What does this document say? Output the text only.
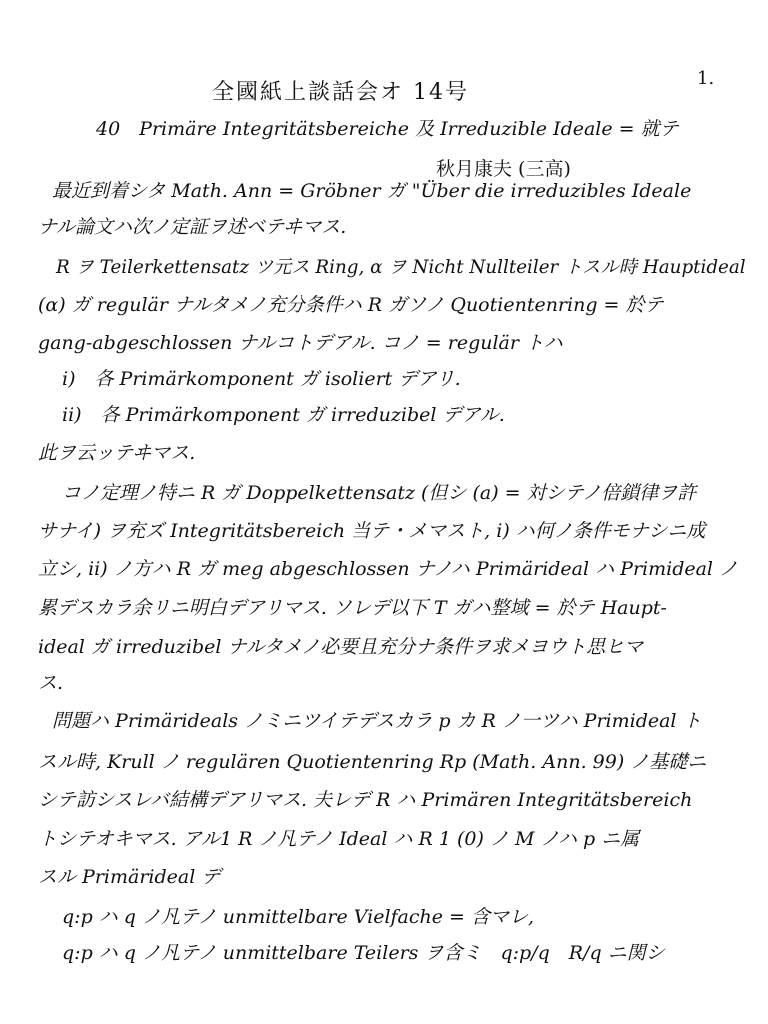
1.
全國紙上談話会オ 14号
40　Primäre Integritätsbereiche 及 Irreduzible Ideale = 就テ
秋月康夫 (三高)
最近到着シタ Math. Ann = Gröbner ガ "Über die irreduzibles Ideale
ナル論文ハ次ノ定証ヲ述ベテヰマス.
R ヲ Teilerkettensatz ツ元ス Ring, α ヲ Nicht Nullteiler トスル時 Hauptideal
(α) ガ regulär ナルタメノ充分条件ハ R ガソノ Quotientenring = 於テ
gang-abgeschlossen ナルコトデアル. コノ = regulär トハ
i)　各 Primärkomponent ガ isoliert デアリ.
ii)　各 Primärkomponent ガ irreduzibel デアル.
此ヲ云ッテヰマス.
コノ定理ノ特ニ R ガ Doppelkettensatz (但シ (a) = 対シテノ倍鎖律ヲ許
サナイ) ヲ充ズ Integritätsbereich 当テ・メマスト, i) ハ何ノ条件モナシニ成
立シ, ii) ノ方ハ R ガ meg abgeschlossen ナノハ Primärideal ハ Primideal ノ
累デスカラ余リニ明白デアリマス. ソレデ以下 T ガハ整域 = 於テ Haupt-
ideal ガ irreduzibel ナルタメノ必要且充分ナ条件ヲ求メヨウト思ヒマ
ス.
問題ハ Primärideals ノミニツイテデスカラ p カ R ノ一ツハ Primideal ト
スル時, Krull ノ regulären Quotientenring Rp (Math. Ann. 99) ノ基礎ニ
シテ訪シスレバ結構デアリマス. 夫レデ R ハ Primären Integritätsbereich
トシテオキマス. アル1 R ノ凡テノ Ideal ハ R 1 (0) ノ M ノハ p ニ属
スル Primärideal デ
q:p ハ q ノ凡テノ unmittelbare Vielfache = 含マレ,
q:p ハ q ノ凡テノ unmittelbare Teilers ヲ含ミ　q:p/q　R/q ニ関シ
